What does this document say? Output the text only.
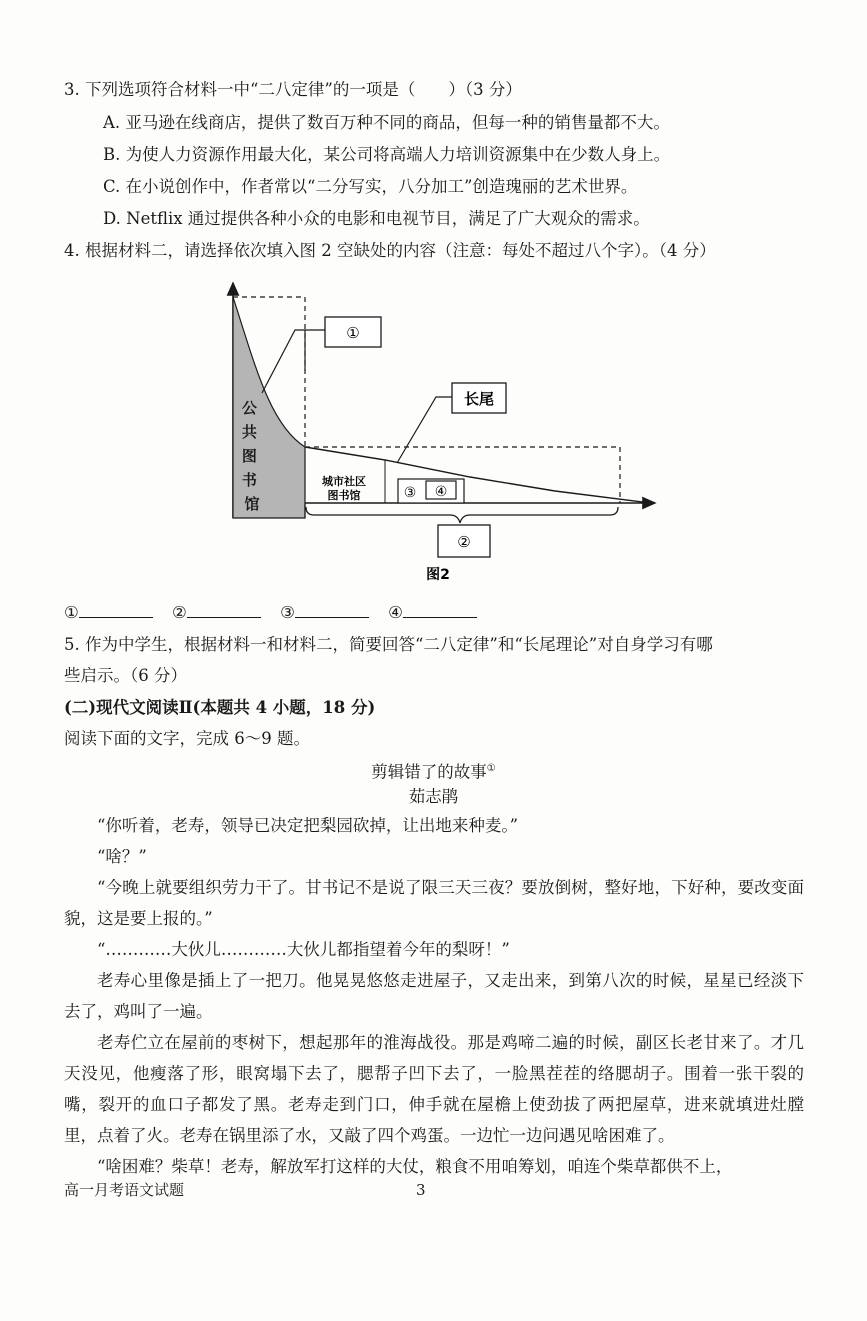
3. 下列选项符合材料一中“二八定律”的一项是（　　）（3 分）
A. 亚马逊在线商店，提供了数百万种不同的商品，但每一种的销售量都不大。
B. 为使人力资源作用最大化，某公司将高端人力培训资源集中在少数人身上。
C. 在小说创作中，作者常以“二分写实，八分加工”创造瑰丽的艺术世界。
D. Netflix 通过提供各种小众的电影和电视节目，满足了广大观众的需求。
4. 根据材料二，请选择依次填入图 2 空缺处的内容（注意：每处不超过八个字）。（4 分）
③ ④
①
长尾
公 共 图 书 馆
城市社区
图书馆
②
图2
①	②	③	④
5. 作为中学生，根据材料一和材料二，简要回答“二八定律”和“长尾理论”对自身学习有哪
些启示。（6 分）
(二)现代文阅读Ⅱ(本题共 4 小题，18 分)
阅读下面的文字，完成 6～9 题。
剪辑错了的故事①
茹志鹃

“你听着，老寿，领导已决定把梨园砍掉，让出地来种麦。”

“啥？”

“今晚上就要组织劳力干了。甘书记不是说了限三天三夜？要放倒树，整好地，下好种，要改变面貌，这是要上报的。”

“…………大伙儿…………大伙儿都指望着今年的梨呀！”

老寿心里像是插上了一把刀。他晃晃悠悠走进屋子，又走出来，到第八次的时候，星星已经淡下去了，鸡叫了一遍。

老寿伫立在屋前的枣树下，想起那年的淮海战役。那是鸡啼二遍的时候，副区长老甘来了。才几天没见，他瘦落了形，眼窝塌下去了，腮帮子凹下去了，一脸黑茬茬的络腮胡子。围着一张干裂的嘴，裂开的血口子都发了黑。老寿走到门口，伸手就在屋檐上使劲拔了两把屋草，进来就填进灶膛里，点着了火。老寿在锅里添了水，又敲了四个鸡蛋。一边忙一边问遇见啥困难了。

“啥困难？柴草！老寿，解放军打这样的大仗，粮食不用咱筹划，咱连个柴草都供不上，

高一月考语文试题	3
